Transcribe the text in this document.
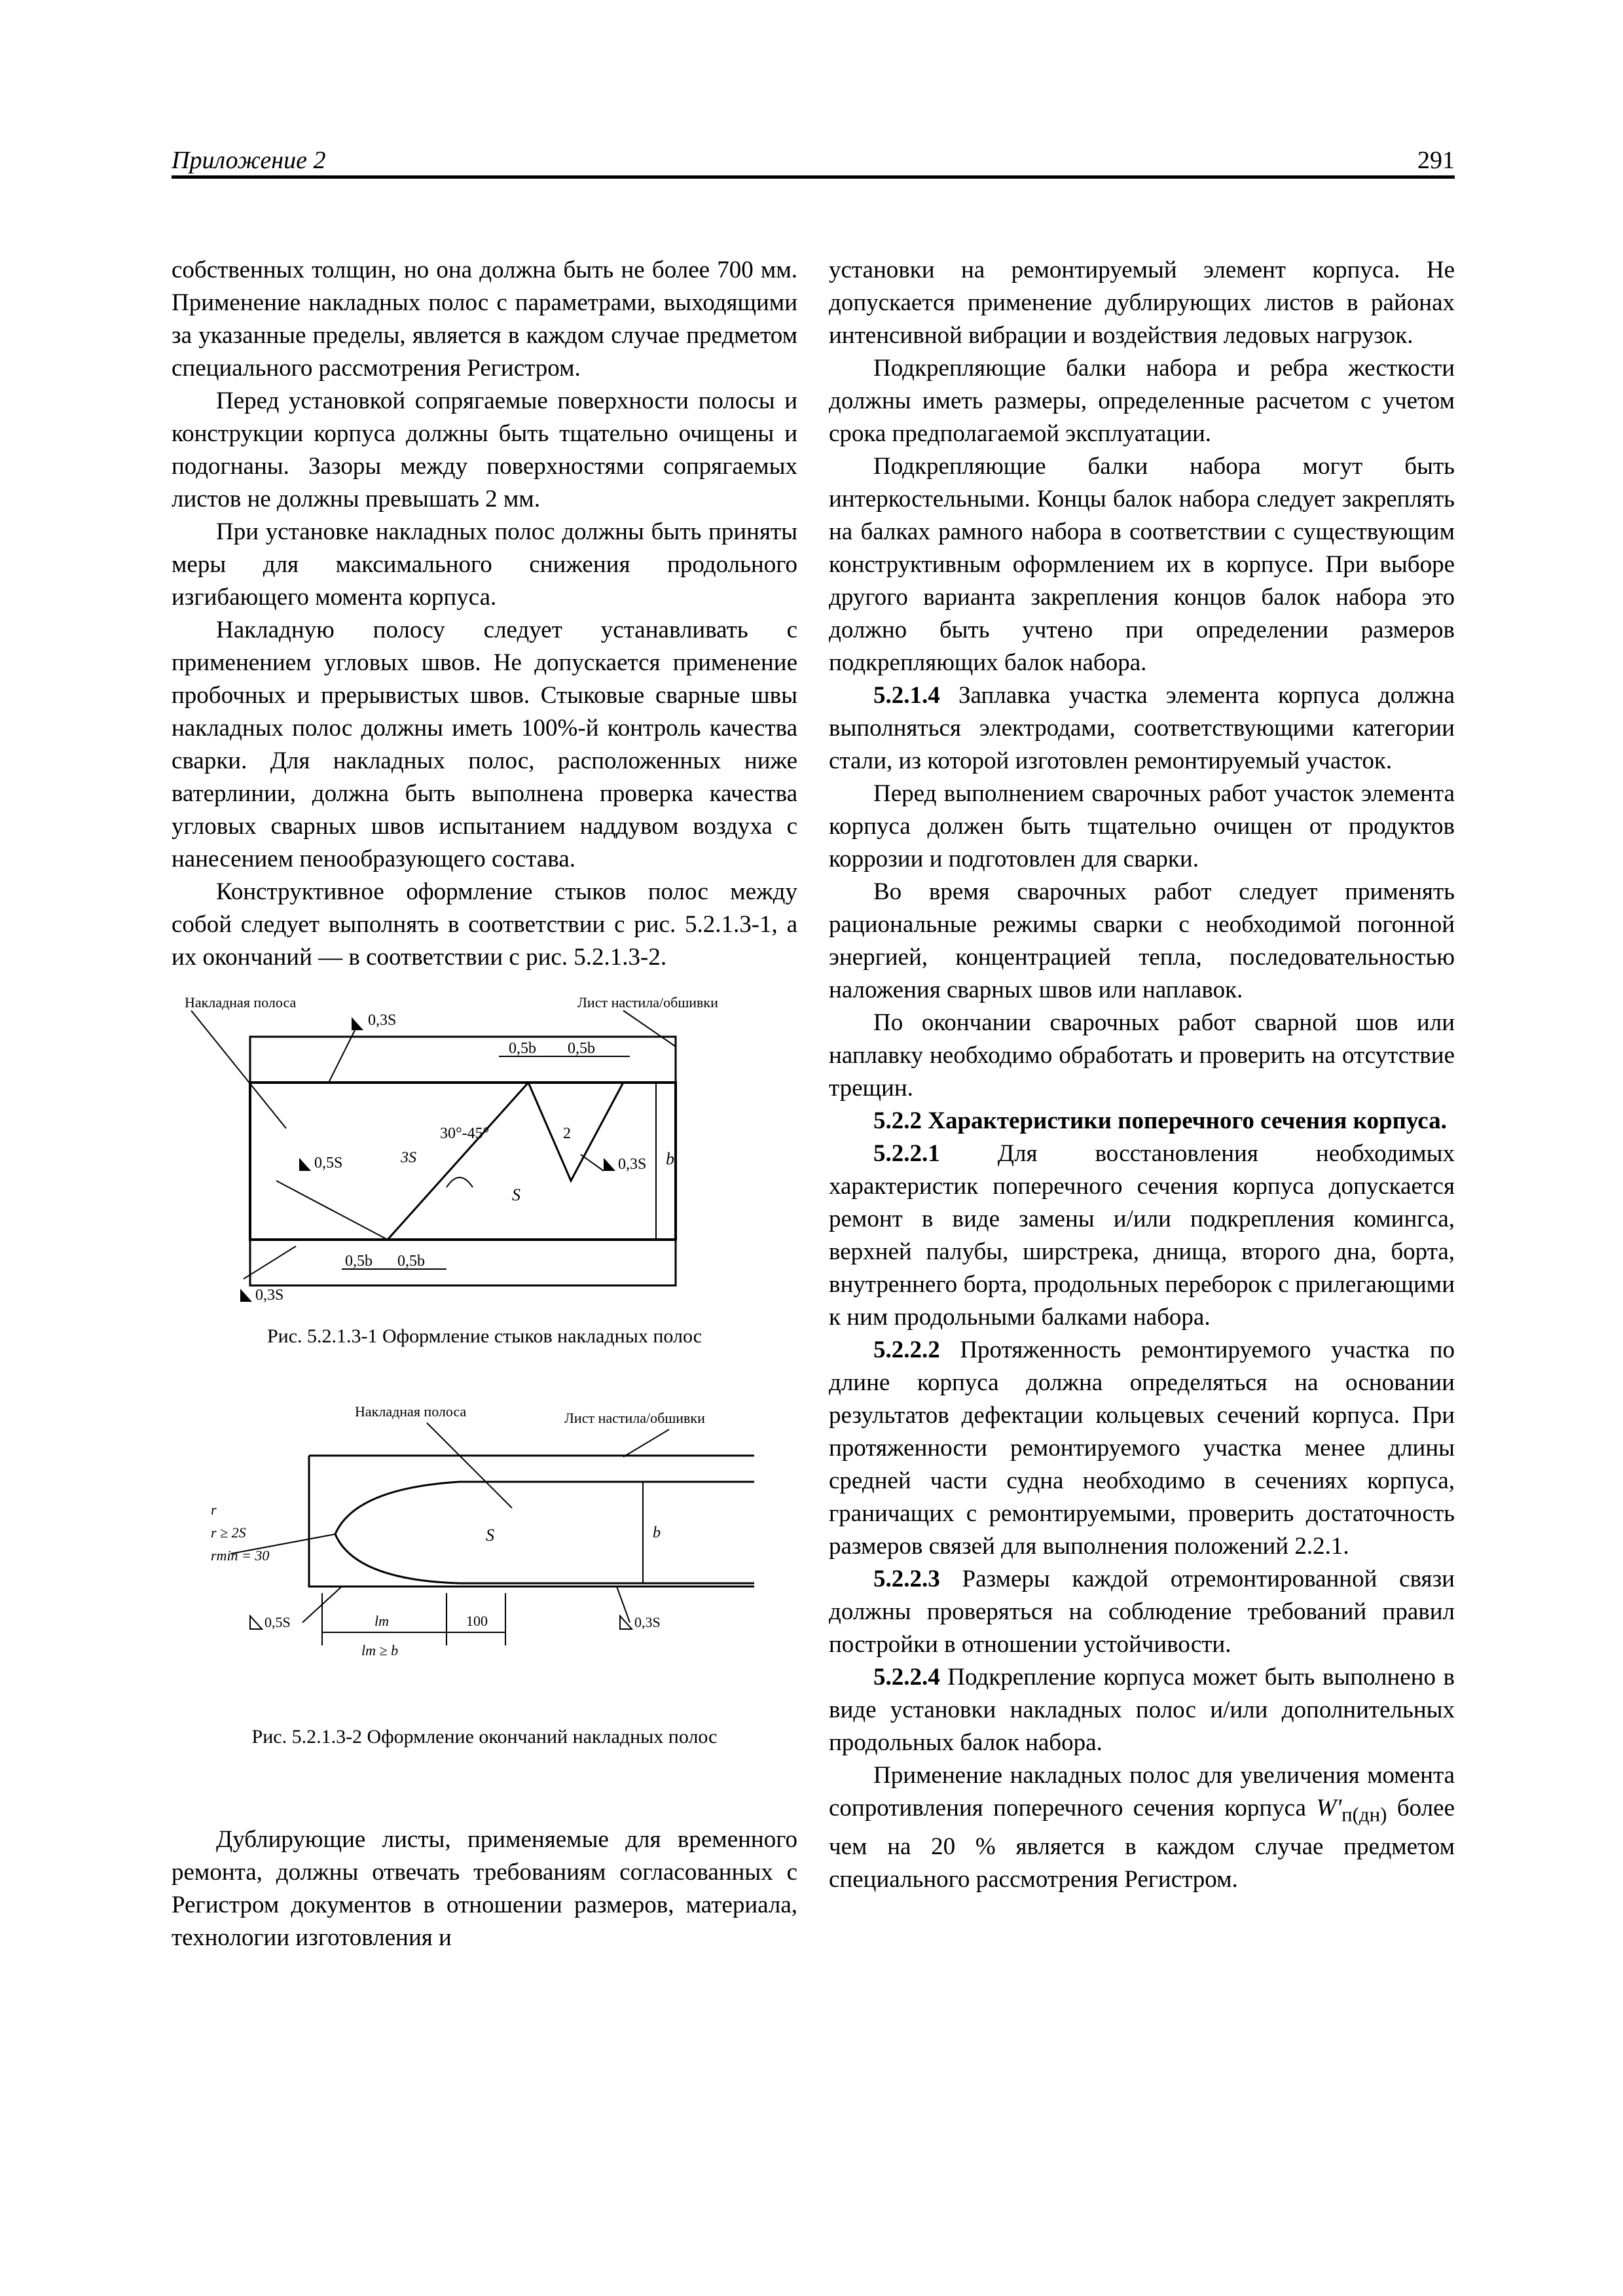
Приложение 2	291

собственных толщин, но она должна быть не более 700 мм. Применение накладных полос с параметрами, выходящими за указанные пределы, является в каждом случае предметом специального рассмотрения Регистром.

Перед установкой сопрягаемые поверхности полосы и конструкции корпуса должны быть тщательно очищены и подогнаны. Зазоры между поверхностями сопрягаемых листов не должны превышать 2 мм.

При установке накладных полос должны быть приняты меры для максимального снижения продольного изгибающего момента корпуса.

Накладную полосу следует устанавливать с применением угловых швов. Не допускается применение пробочных и прерывистых швов. Стыковые сварные швы накладных полос должны иметь 100%-й контроль качества сварки. Для накладных полос, расположенных ниже ватерлинии, должна быть выполнена проверка качества угловых сварных швов испытанием наддувом воздуха с нанесением пенообразующего состава.

Конструктивное оформление стыков полос между собой следует выполнять в соответствии с рис. 5.2.1.3-1, а их окончаний — в соответствии с рис. 5.2.1.3-2.

Накладная полоса	Лист настила/обшивки
0,3S
0,5b 0,5b
30°-45°	2
3S
S
b
0,5S	0,3S
0,5b 0,5b
0,3S
Рис. 5.2.1.3-1 Оформление стыков накладных полос
Накладная полоса	Лист настила/обшивки
r
r ≥ 2S
rmin = 30
S	b
0,5S	0,3S
lm	100
lm ≥ b
Рис. 5.2.1.3-2 Оформление окончаний накладных полос

Дублирующие листы, применяемые для временного ремонта, должны отвечать требованиям согласованных с Регистром документов в отношении размеров, материала, технологии изготовления и

установки на ремонтируемый элемент корпуса. Не допускается применение дублирующих листов в районах интенсивной вибрации и воздействия ледовых нагрузок.

Подкрепляющие балки набора и ребра жесткости должны иметь размеры, определенные расчетом с учетом срока предполагаемой эксплуатации.

Подкрепляющие балки набора могут быть интеркостельными. Концы балок набора следует закреплять на балках рамного набора в соответствии с существующим конструктивным оформлением их в корпусе. При выборе другого варианта закрепления концов балок набора это должно быть учтено при определении размеров подкрепляющих балок набора.

5.2.1.4 Заплавка участка элемента корпуса должна выполняться электродами, соответствующими категории стали, из которой изготовлен ремонтируемый участок.

Перед выполнением сварочных работ участок элемента корпуса должен быть тщательно очищен от продуктов коррозии и подготовлен для сварки.

Во время сварочных работ следует применять рациональные режимы сварки с необходимой погонной энергией, концентрацией тепла, последовательностью наложения сварных швов или наплавок.

По окончании сварочных работ сварной шов или наплавку необходимо обработать и проверить на отсутствие трещин.

5.2.2 Характеристики поперечного сечения корпуса.

5.2.2.1 Для восстановления необходимых характеристик поперечного сечения корпуса допускается ремонт в виде замены и/или подкрепления комингса, верхней палубы, ширстрека, днища, второго дна, борта, внутреннего борта, продольных переборок с прилегающими к ним продольными балками набора.

5.2.2.2 Протяженность ремонтируемого участка по длине корпуса должна определяться на основании результатов дефектации кольцевых сечений корпуса. При протяженности ремонтируемого участка менее длины средней части судна необходимо в сечениях корпуса, граничащих с ремонтируемыми, проверить достаточность размеров связей для выполнения положений 2.2.1.

5.2.2.3 Размеры каждой отремонтированной связи должны проверяться на соблюдение требований правил постройки в отношении устойчивости.

5.2.2.4 Подкрепление корпуса может быть выполнено в виде установки накладных полос и/или дополнительных продольных балок набора.

Применение накладных полос для увеличения момента сопротивления поперечного сечения корпуса $W'_{п(дн)}$ более чем на 20 % является в каждом случае предметом специального рассмотрения Регистром.
